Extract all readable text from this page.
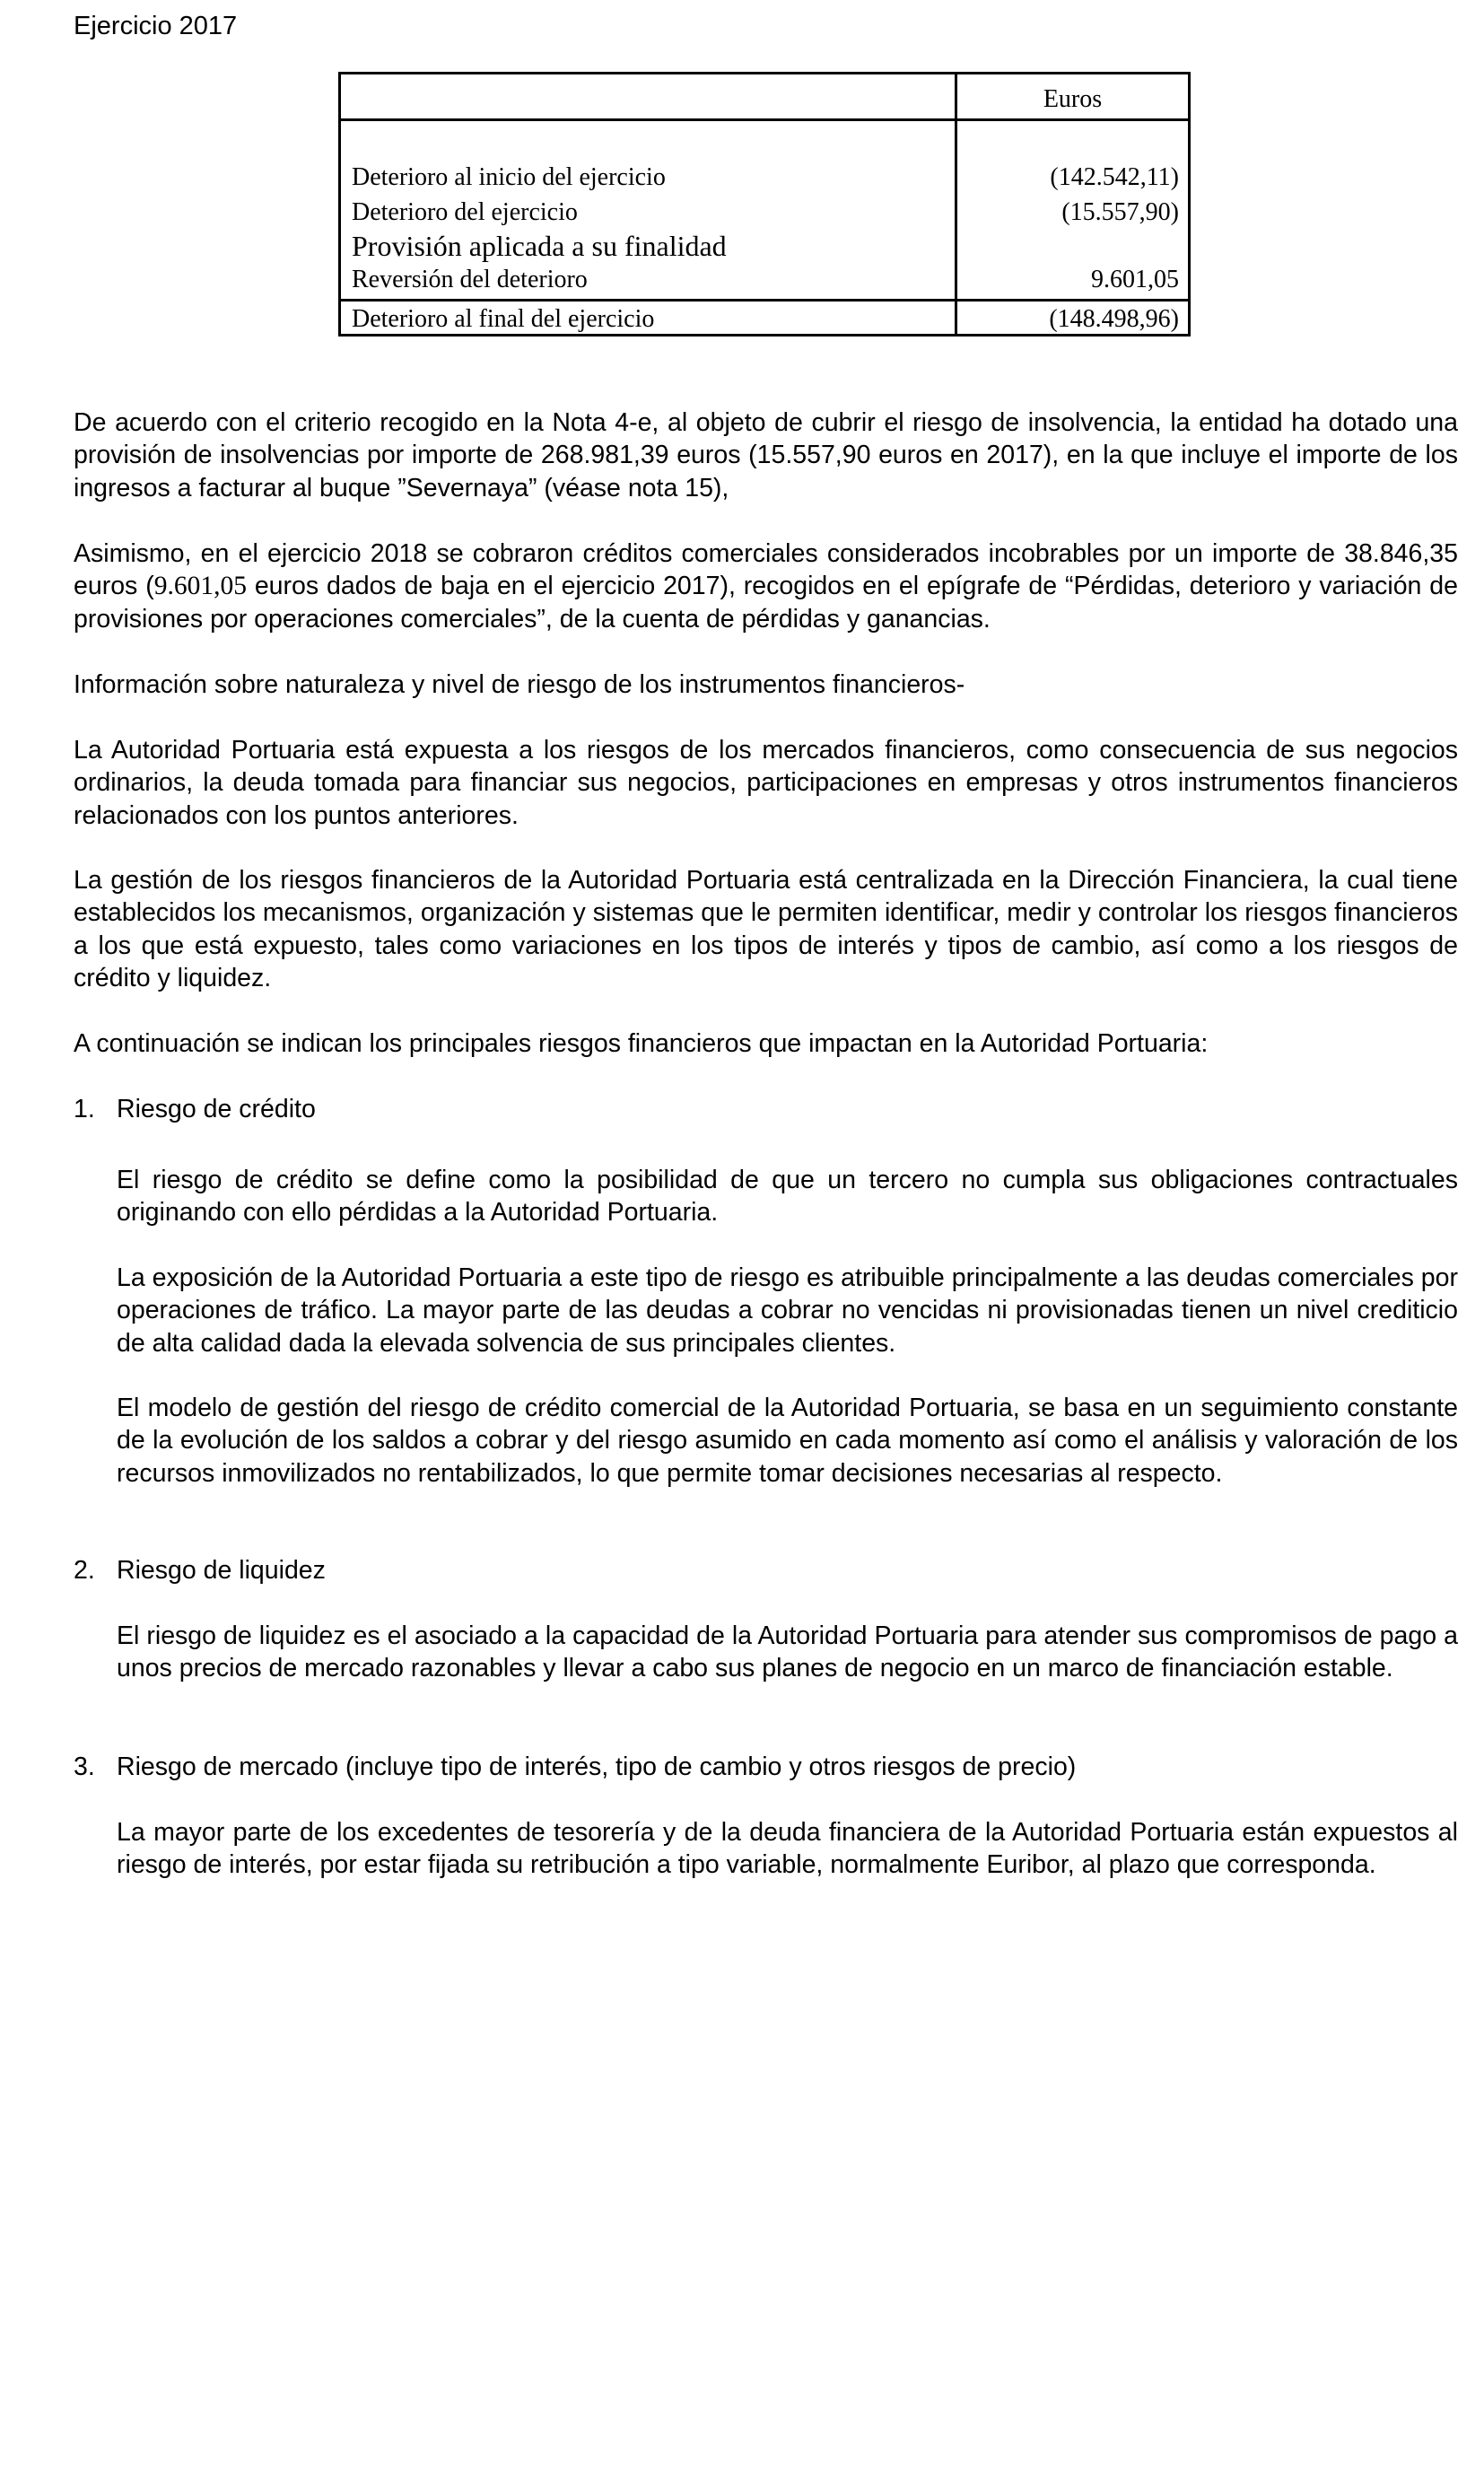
Ejercicio 2017
Euros
Deterioro al inicio del ejercicio	(142.542,11)
Deterioro del ejercicio	(15.557,90)
Provisión aplicada a su finalidad
Reversión del deterioro	9.601,05
Deterioro al final del ejercicio	(148.498,96)
De acuerdo con el criterio recogido en la Nota 4-e, al objeto de cubrir el riesgo de insolvencia, la entidad ha dotado una provisión de insolvencias por importe de 268.981,39 euros (15.557,90 euros en 2017), en la que incluye el importe de los ingresos a facturar al buque ”Severnaya” (véase nota 15),
Asimismo, en el ejercicio 2018 se cobraron créditos comerciales considerados incobrables por un importe de 38.846,35 euros (9.601,05 euros dados de baja en el ejercicio 2017), recogidos en el epígrafe de “Pérdidas, deterioro y variación de provisiones por operaciones comerciales”, de la cuenta de pérdidas y ganancias.
Información sobre naturaleza y nivel de riesgo de los instrumentos financieros-
La Autoridad Portuaria está expuesta a los riesgos de los mercados financieros, como consecuencia de sus negocios ordinarios, la deuda tomada para financiar sus negocios, participaciones en empresas y otros instrumentos financieros relacionados con los puntos anteriores.
La gestión de los riesgos financieros de la Autoridad Portuaria está centralizada en la Dirección Financiera, la cual tiene establecidos los mecanismos, organización y sistemas que le permiten identificar, medir y controlar los riesgos financieros a los que está expuesto, tales como variaciones en los tipos de interés y tipos de cambio, así como a los riesgos de crédito y liquidez.
A continuación se indican los principales riesgos financieros que impactan en la Autoridad Portuaria:
1. Riesgo de crédito
El riesgo de crédito se define como la posibilidad de que un tercero no cumpla sus obligaciones contractuales originando con ello pérdidas a la Autoridad Portuaria.
La exposición de la Autoridad Portuaria a este tipo de riesgo es atribuible principalmente a las deudas comerciales por operaciones de tráfico. La mayor parte de las deudas a cobrar no vencidas ni provisionadas tienen un nivel crediticio de alta calidad dada la elevada solvencia de sus principales clientes.
El modelo de gestión del riesgo de crédito comercial de la Autoridad Portuaria, se basa en un seguimiento constante de la evolución de los saldos a cobrar y del riesgo asumido en cada momento así como el análisis y valoración de los recursos inmovilizados no rentabilizados, lo que permite tomar decisiones necesarias al respecto.
2. Riesgo de liquidez
El riesgo de liquidez es el asociado a la capacidad de la Autoridad Portuaria para atender sus compromisos de pago a unos precios de mercado razonables y llevar a cabo sus planes de negocio en un marco de financiación estable.
3. Riesgo de mercado (incluye tipo de interés, tipo de cambio y otros riesgos de precio)
La mayor parte de los excedentes de tesorería y de la deuda financiera de la Autoridad Portuaria están expuestos al riesgo de interés, por estar fijada su retribución a tipo variable, normalmente Euribor, al plazo que corresponda.
